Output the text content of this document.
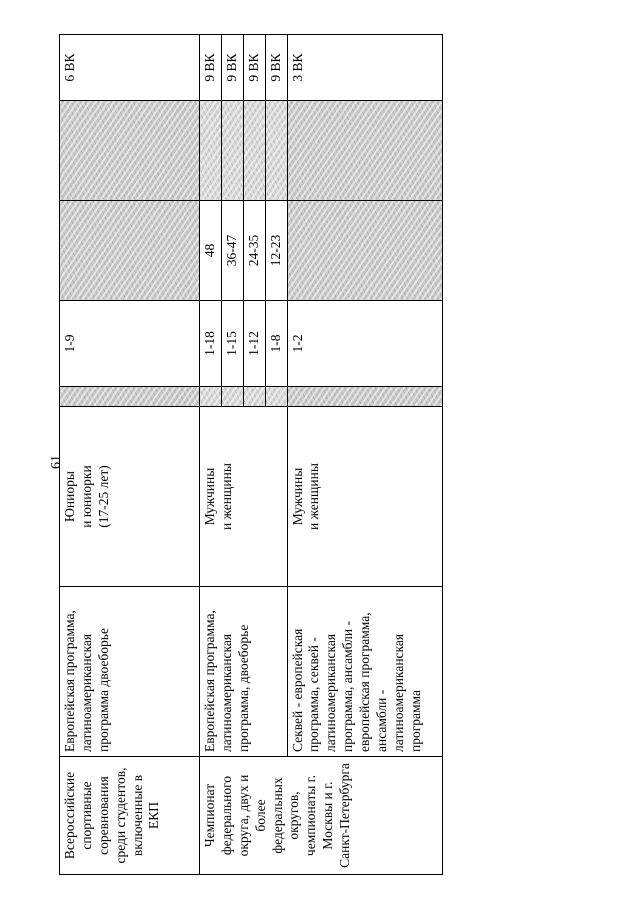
61
Всероссийские спортивные соревнования среди студентов, включенные в ЕКП	Европейская программа, латиноамериканская программа двоеборье	Юниоры
и юниорки
(17-25 лет)		1-9			6 ВК
Чемпионат федерального округа, двух и более федеральных округов, чемпионаты г. Москвы и г. Санкт-Петербурга	Европейская программа, латиноамериканская программа, двоеборье	Мужчины
и женщины		1-18	48		9 ВК
				1-15	36-47		9 ВК
				1-12	24-35		9 ВК
				1-8	12-23		9 ВК
	Секвей - европейская программа, секвей - латиноамериканская программа, ансамбли - европейская программа, ансамбли - латиноамериканская программа	Мужчины
и женщины		1-2			3 ВК
